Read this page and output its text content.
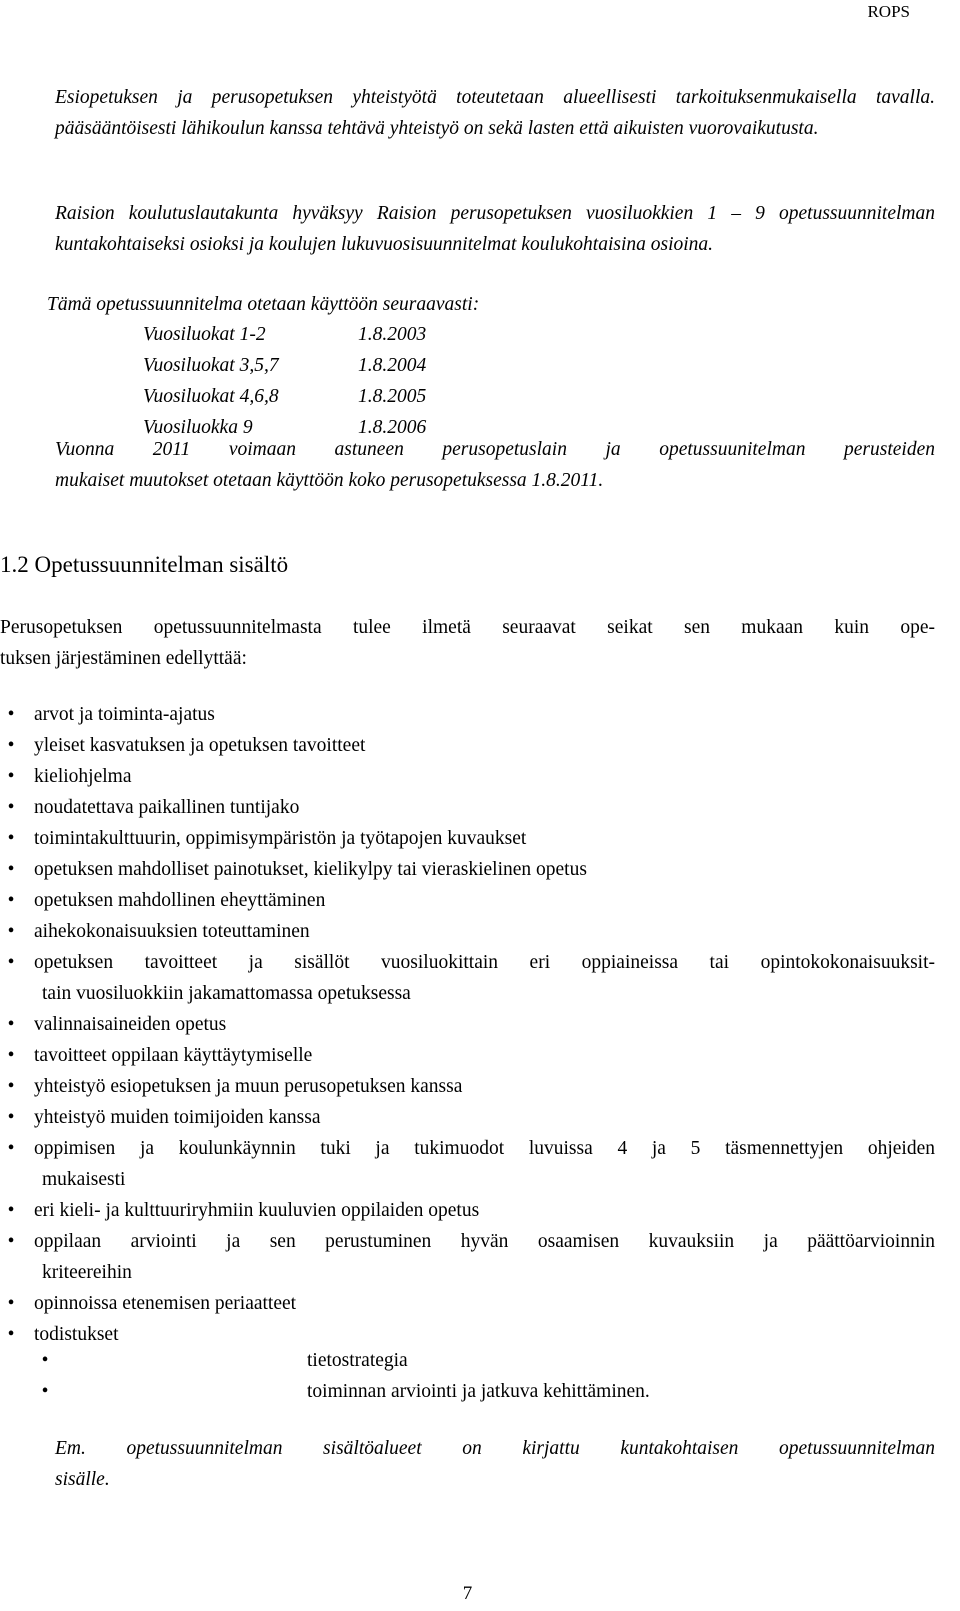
ROPS

Esiopetuksen ja perusopetuksen yhteistyötä toteutetaan alueellisesti tarkoituksenmukaisella tavalla. pääsääntöisesti lähikoulun kanssa tehtävä yhteistyö on sekä lasten että aikuisten vuorovaikutusta.

Raision koulutuslautakunta hyväksyy Raision perusopetuksen vuosiluokkien 1 – 9 opetussuunnitelman kuntakohtaiseksi osioksi ja koulujen lukuvuosisuunnitelmat koulukohtaisina osioina.

Tämä opetussuunnitelma otetaan käyttöön seuraavasti:

Vuosiluokat 1-2	1.8.2003
Vuosiluokat 3,5,7	1.8.2004
Vuosiluokat 4,6,8	1.8.2005
Vuosiluokka 9	1.8.2006
Vuonna 2011 voimaan astuneen perusopetuslain ja opetussuunitelman perusteiden
mukaiset muutokset otetaan käyttöön koko perusopetuksessa 1.8.2011.
1.2 Opetussuunnitelman sisältö
Perusopetuksen opetussuunnitelmasta tulee ilmetä seuraavat seikat sen mukaan kuin ope-
tuksen järjestäminen edellyttää:
•	arvot ja toiminta-ajatus
•	yleiset kasvatuksen ja opetuksen tavoitteet
•	kieliohjelma
•	noudatettava paikallinen tuntijako
•	toimintakulttuurin, oppimisympäristön ja työtapojen kuvaukset
•	opetuksen mahdolliset painotukset, kielikylpy tai vieraskielinen opetus
•	opetuksen mahdollinen eheyttäminen
•	aihekokonaisuuksien toteuttaminen
•	opetuksen tavoitteet ja sisällöt vuosiluokittain eri oppiaineissa tai opintokokonaisuuksit-
tain vuosiluokkiin jakamattomassa opetuksessa
•	valinnaisaineiden opetus
•	tavoitteet oppilaan käyttäytymiselle
•	yhteistyö esiopetuksen ja muun perusopetuksen kanssa
•	yhteistyö muiden toimijoiden kanssa
•	oppimisen ja koulunkäynnin tuki ja tukimuodot luvuissa 4 ja 5 täsmennettyjen ohjeiden
mukaisesti
•	eri kieli- ja kulttuuriryhmiin kuuluvien oppilaiden opetus
•	oppilaan arviointi ja sen perustuminen hyvän osaamisen kuvauksiin ja päättöarvioinnin
kriteereihin
•	opinnoissa etenemisen periaatteet
•	todistukset
•	tietostrategia
•	toiminnan arviointi ja jatkuva kehittäminen.
Em. opetussuunnitelman sisältöalueet on kirjattu kuntakohtaisen opetussuunnitelman
sisälle.
7
